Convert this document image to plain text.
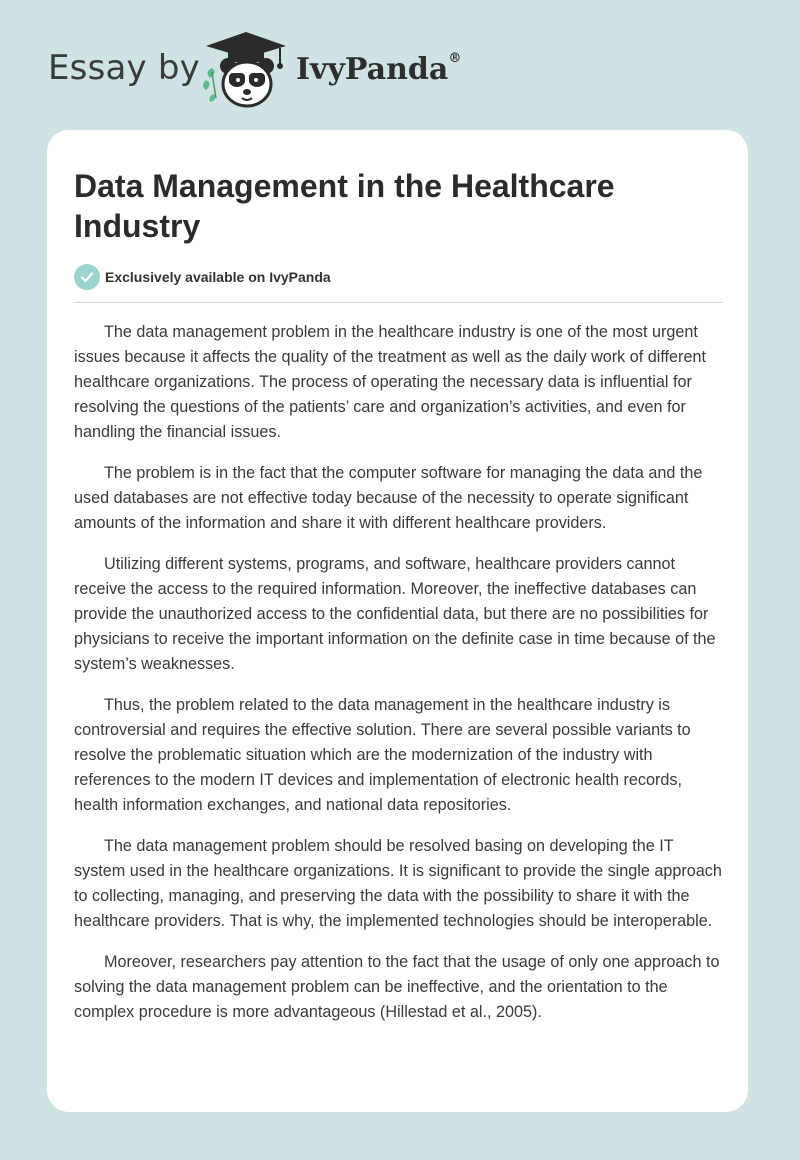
Essay by	IvyPanda®
Data Management in the Healthcare Industry
Exclusively available on IvyPanda

The data management problem in the healthcare industry is one of the most urgent issues because it affects the quality of the treatment as well as the daily work of different healthcare organizations. The process of operating the necessary data is influential for resolving the questions of the patients’ care and organization’s activities, and even for handling the financial issues.

The problem is in the fact that the computer software for managing the data and the used databases are not effective today because of the necessity to operate significant amounts of the information and share it with different healthcare providers.

Utilizing different systems, programs, and software, healthcare providers cannot receive the access to the required information. Moreover, the ineffective databases can provide the unauthorized access to the confidential data, but there are no possibilities for physicians to receive the important information on the definite case in time because of the system’s weaknesses.

Thus, the problem related to the data management in the healthcare industry is controversial and requires the effective solution. There are several possible variants to resolve the problematic situation which are the modernization of the industry with references to the modern IT devices and implementation of electronic health records, health information exchanges, and national data repositories.

The data management problem should be resolved basing on developing the IT system used in the healthcare organizations. It is significant to provide the single approach to collecting, managing, and preserving the data with the possibility to share it with the healthcare providers. That is why, the implemented technologies should be interoperable.

Moreover, researchers pay attention to the fact that the usage of only one approach to solving the data management problem can be ineffective, and the orientation to the complex procedure is more advantageous (Hillestad et al., 2005).
